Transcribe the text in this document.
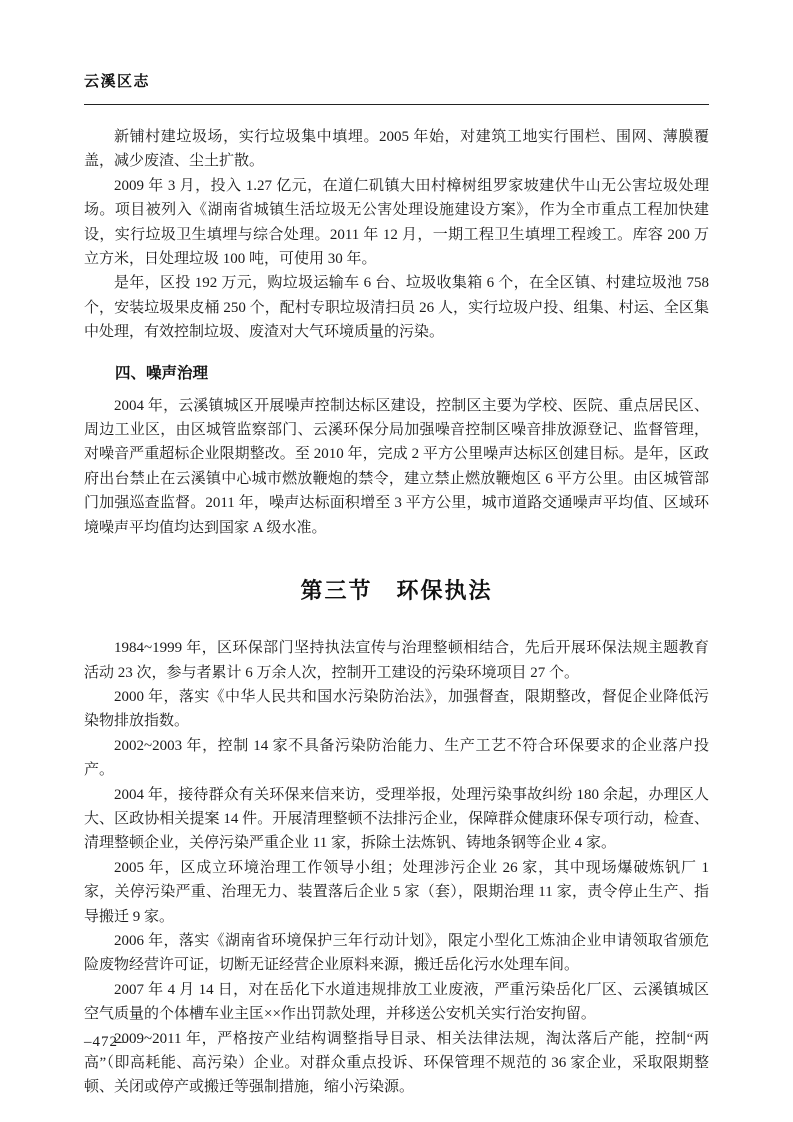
云溪区志

新铺村建垃圾场，实行垃圾集中填埋。2005 年始，对建筑工地实行围栏、围网、薄膜覆盖，减少废渣、尘土扩散。

2009 年 3 月，投入 1.27 亿元，在道仁矶镇大田村樟树组罗家坡建伏牛山无公害垃圾处理场。项目被列入《湖南省城镇生活垃圾无公害处理设施建设方案》，作为全市重点工程加快建设，实行垃圾卫生填埋与综合处理。2011 年 12 月，一期工程卫生填埋工程竣工。库容 200 万立方米，日处理垃圾 100 吨，可使用 30 年。

是年，区投 192 万元，购垃圾运输车 6 台、垃圾收集箱 6 个，在全区镇、村建垃圾池 758 个，安装垃圾果皮桶 250 个，配村专职垃圾清扫员 26 人，实行垃圾户投、组集、村运、全区集中处理，有效控制垃圾、废渣对大气环境质量的污染。

四、噪声治理

2004 年，云溪镇城区开展噪声控制达标区建设，控制区主要为学校、医院、重点居民区、周边工业区，由区城管监察部门、云溪环保分局加强噪音控制区噪音排放源登记、监督管理，对噪音严重超标企业限期整改。至 2010 年，完成 2 平方公里噪声达标区创建目标。是年，区政府出台禁止在云溪镇中心城市燃放鞭炮的禁令，建立禁止燃放鞭炮区 6 平方公里。由区城管部门加强巡查监督。2011 年，噪声达标面积增至 3 平方公里，城市道路交通噪声平均值、区域环境噪声平均值均达到国家 A 级水准。

第三节　环保执法

1984~1999 年，区环保部门坚持执法宣传与治理整顿相结合，先后开展环保法规主题教育活动 23 次，参与者累计 6 万余人次，控制开工建设的污染环境项目 27 个。

2000 年，落实《中华人民共和国水污染防治法》，加强督查，限期整改，督促企业降低污染物排放指数。

2002~2003 年，控制 14 家不具备污染防治能力、生产工艺不符合环保要求的企业落户投产。

2004 年，接待群众有关环保来信来访，受理举报，处理污染事故纠纷 180 余起，办理区人大、区政协相关提案 14 件。开展清理整顿不法排污企业，保障群众健康环保专项行动，检查、清理整顿企业，关停污染严重企业 11 家，拆除土法炼钒、铸地条钢等企业 4 家。

2005 年，区成立环境治理工作领导小组；处理涉污企业 26 家，其中现场爆破炼钒厂 1 家，关停污染严重、治理无力、装置落后企业 5 家（套），限期治理 11 家，责令停止生产、指导搬迁 9 家。

2006 年，落实《湖南省环境保护三年行动计划》，限定小型化工炼油企业申请领取省颁危险废物经营许可证，切断无证经营企业原料来源，搬迁岳化污水处理车间。

2007 年 4 月 14 日，对在岳化下水道违规排放工业废液，严重污染岳化厂区、云溪镇城区空气质量的个体槽车业主匡××作出罚款处理，并移送公安机关实行治安拘留。

2009~2011 年，严格按产业结构调整指导目录、相关法律法规，淘汰落后产能，控制“两高”（即高耗能、高污染）企业。对群众重点投诉、环保管理不规范的 36 家企业，采取限期整顿、关闭或停产或搬迁等强制措施，缩小污染源。

–472–
